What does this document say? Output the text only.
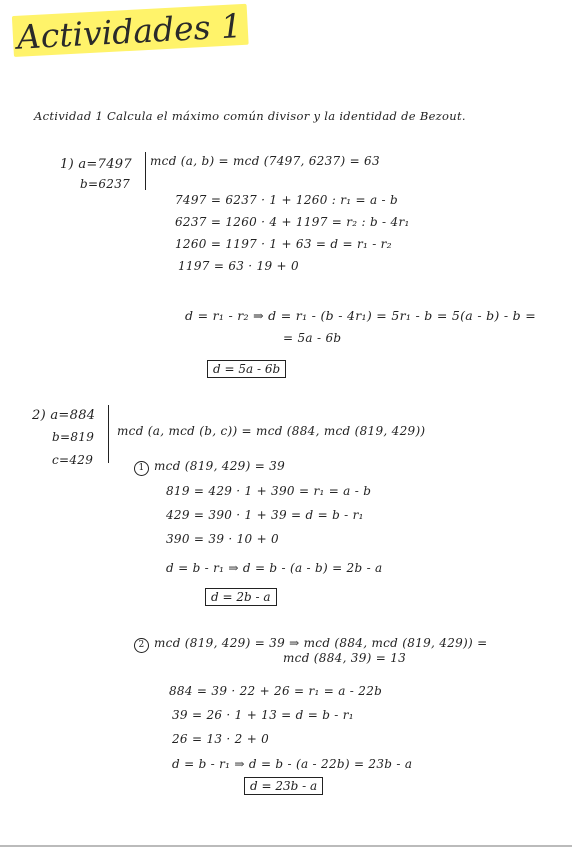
Actividades 1
Actividad 1 Calcula el máximo común divisor y la identidad de Bezout.
1) a=7497
b=6237
mcd (a, b) = mcd (7497, 6237) = 63
7497 = 6237 · 1 + 1260 : r₁ = a - b
6237 = 1260 · 4 + 1197 = r₂ : b - 4r₁
1260 = 1197 · 1 + 63 = d = r₁ - r₂
1197 = 63 · 19 + 0
d = r₁ - r₂ ⇒ d = r₁ - (b - 4r₁) = 5r₁ - b = 5(a - b) - b =
= 5a - 6b
d = 5a - 6b
2) a=884
b=819
c=429
mcd (a, mcd (b, c)) = mcd (884, mcd (819, 429))
1 mcd (819, 429) = 39
819 = 429 · 1 + 390 = r₁ = a - b
429 = 390 · 1 + 39 = d = b - r₁
390 = 39 · 10 + 0
d = b - r₁ ⇒ d = b - (a - b) = 2b - a
d = 2b - a
2 mcd (819, 429) = 39 ⇒ mcd (884, mcd (819, 429)) =
mcd (884, 39) = 13
884 = 39 · 22 + 26 = r₁ = a - 22b
39 = 26 · 1 + 13 = d = b - r₁
26 = 13 · 2 + 0
d = b - r₁ ⇒ d = b - (a - 22b) = 23b - a
d = 23b - a
